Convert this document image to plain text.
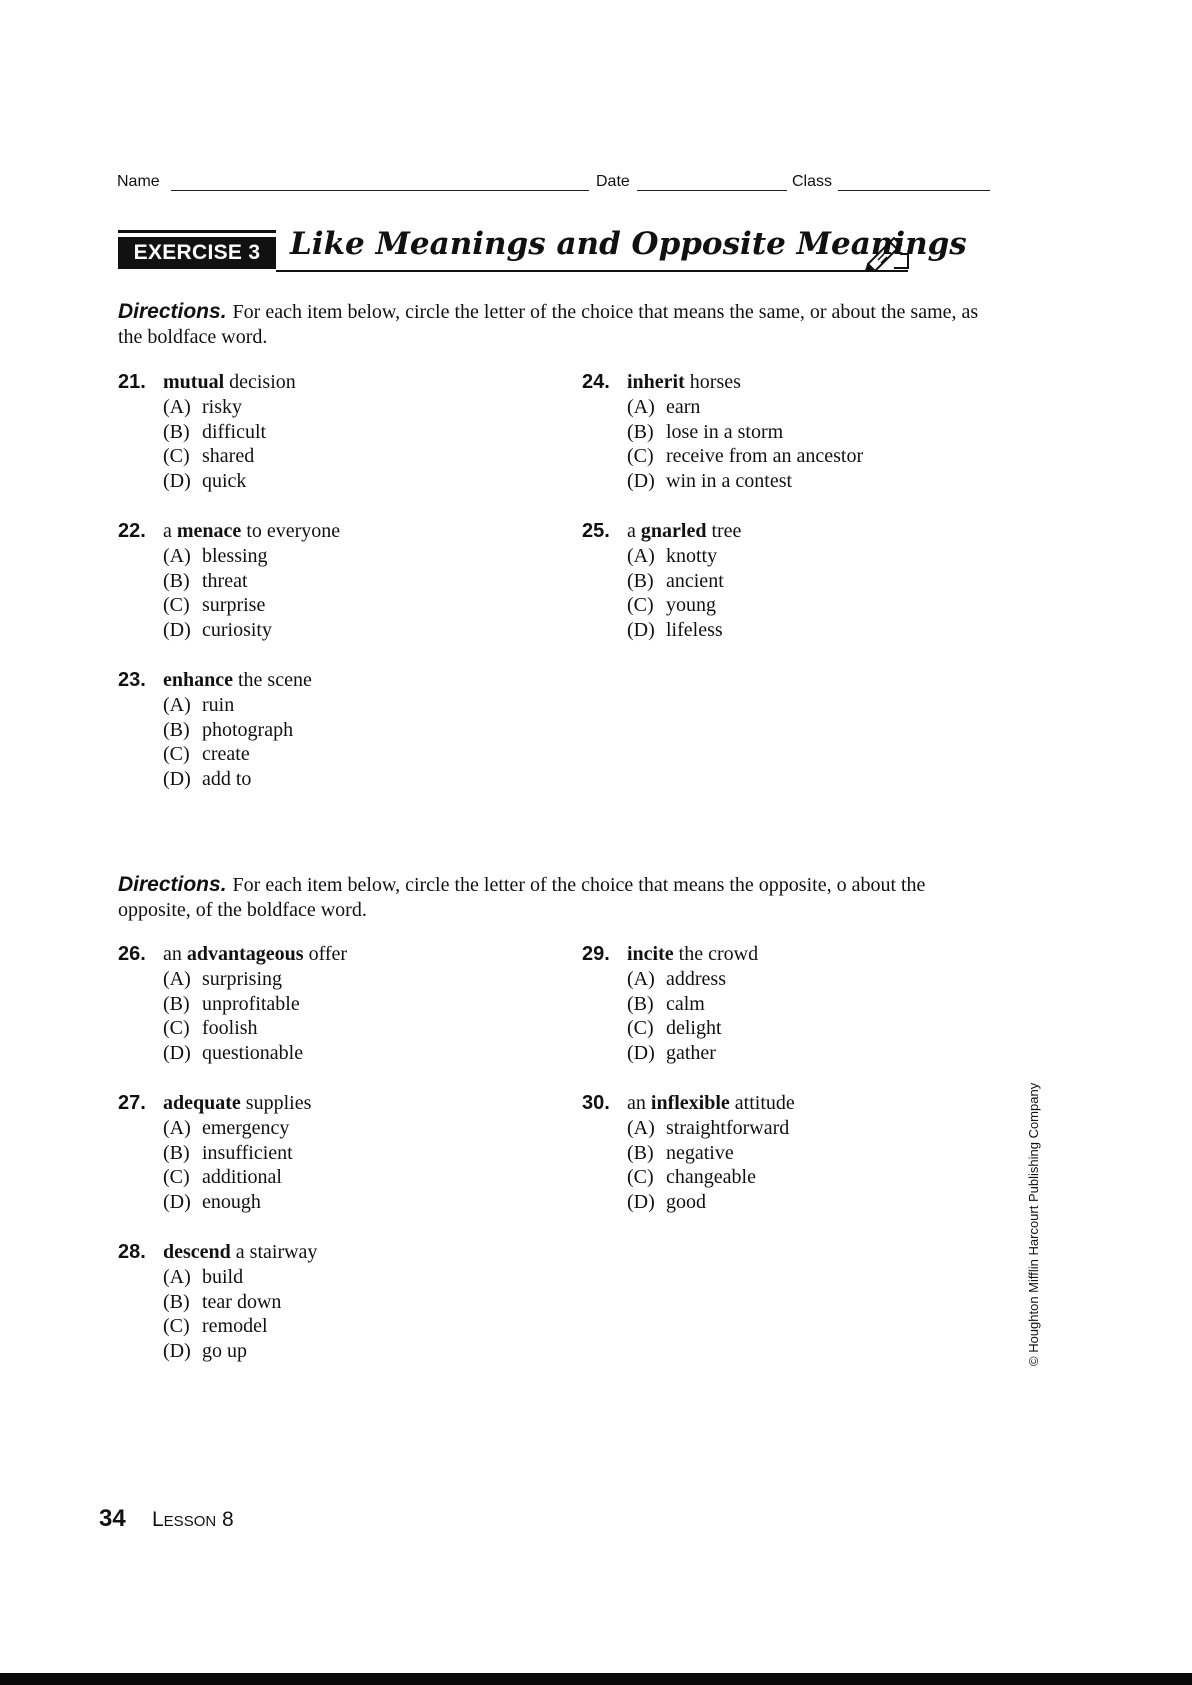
Name	Date	Class
EXERCISE 3 Like Meanings and Opposite Meanings
Directions. For each item below, circle the letter of the choice that means the same, or about the same, as the boldface word.
21. mutual decision
(A) risky
(B) difficult
(C) shared
(D) quick
22. a menace to everyone
(A) blessing
(B) threat
(C) surprise
(D) curiosity
23. enhance the scene
(A) ruin
(B) photograph
(C) create
(D) add to
24. inherit horses
(A) earn
(B) lose in a storm
(C) receive from an ancestor
(D) win in a contest
25. a gnarled tree
(A) knotty
(B) ancient
(C) young
(D) lifeless
Directions. For each item below, circle the letter of the choice that means the opposite, o about the opposite, of the boldface word.
26. an advantageous offer
(A) surprising
(B) unprofitable
(C) foolish
(D) questionable
27. adequate supplies
(A) emergency
(B) insufficient
(C) additional
(D) enough
28. descend a stairway
(A) build
(B) tear down
(C) remodel
(D) go up
29. incite the crowd
(A) address
(B) calm
(C) delight
(D) gather
30. an inflexible attitude
(A) straightforward
(B) negative
(C) changeable
(D) good	© Houghton Mifflin Harcourt Publishing Company
34 Lesson 8
